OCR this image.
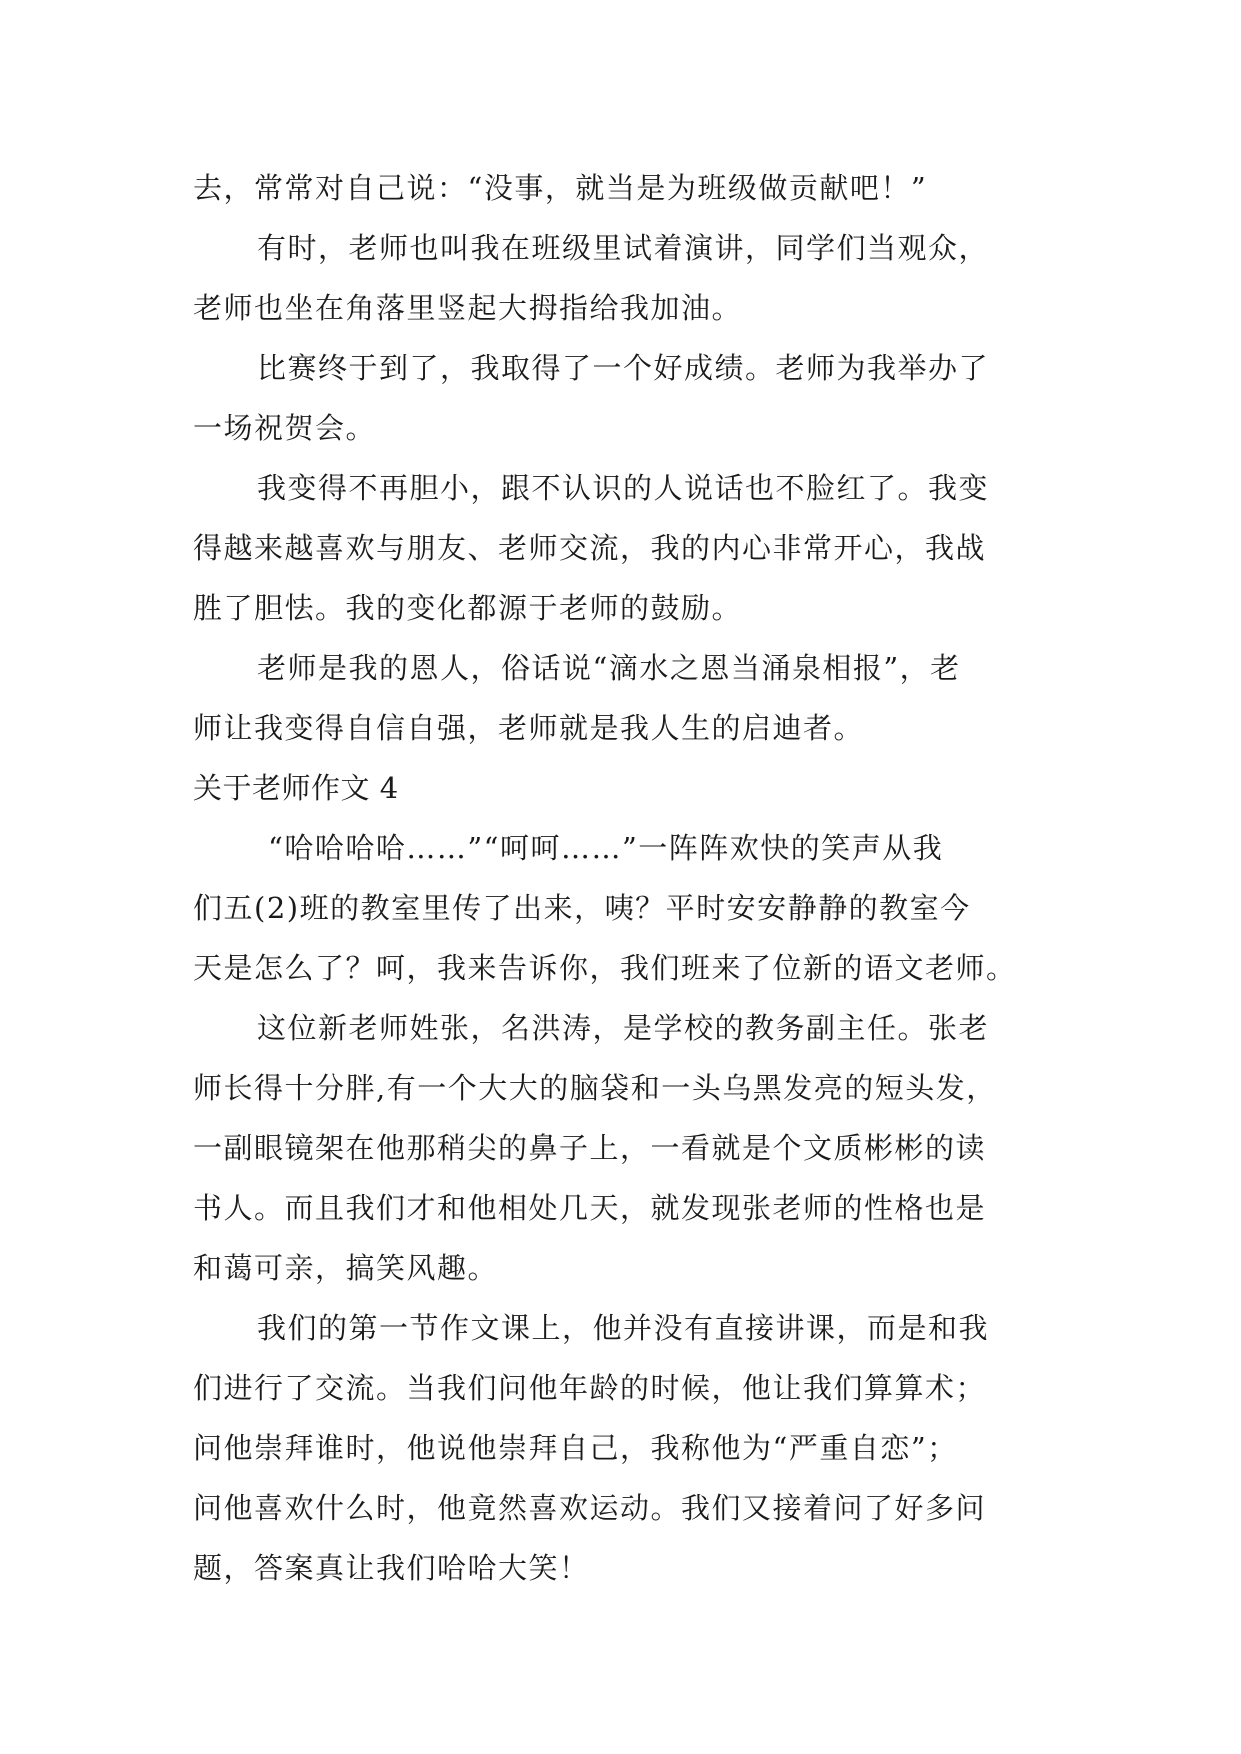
去，常常对自己说：“没事，就当是为班级做贡献吧！”
有时，老师也叫我在班级里试着演讲，同学们当观众，
老师也坐在角落里竖起大拇指给我加油。
比赛终于到了，我取得了一个好成绩。老师为我举办了
一场祝贺会。
我变得不再胆小，跟不认识的人说话也不脸红了。我变
得越来越喜欢与朋友、老师交流，我的内心非常开心，我战
胜了胆怯。我的变化都源于老师的鼓励。
老师是我的恩人，俗话说“滴水之恩当涌泉相报”，老
师让我变得自信自强，老师就是我人生的启迪者。
关于老师作文 4
“哈哈哈哈……”“呵呵……”一阵阵欢快的笑声从我
们五(2)班的教室里传了出来，咦？平时安安静静的教室今
天是怎么了？呵，我来告诉你，我们班来了位新的语文老师。
这位新老师姓张，名洪涛，是学校的教务副主任。张老
师长得十分胖,有一个大大的脑袋和一头乌黑发亮的短头发，
一副眼镜架在他那稍尖的鼻子上，一看就是个文质彬彬的读
书人。而且我们才和他相处几天，就发现张老师的性格也是
和蔼可亲，搞笑风趣。
我们的第一节作文课上，他并没有直接讲课，而是和我
们进行了交流。当我们问他年龄的时候，他让我们算算术；
问他崇拜谁时，他说他崇拜自己，我称他为“严重自恋”；
问他喜欢什么时，他竟然喜欢运动。我们又接着问了好多问
题，答案真让我们哈哈大笑！
